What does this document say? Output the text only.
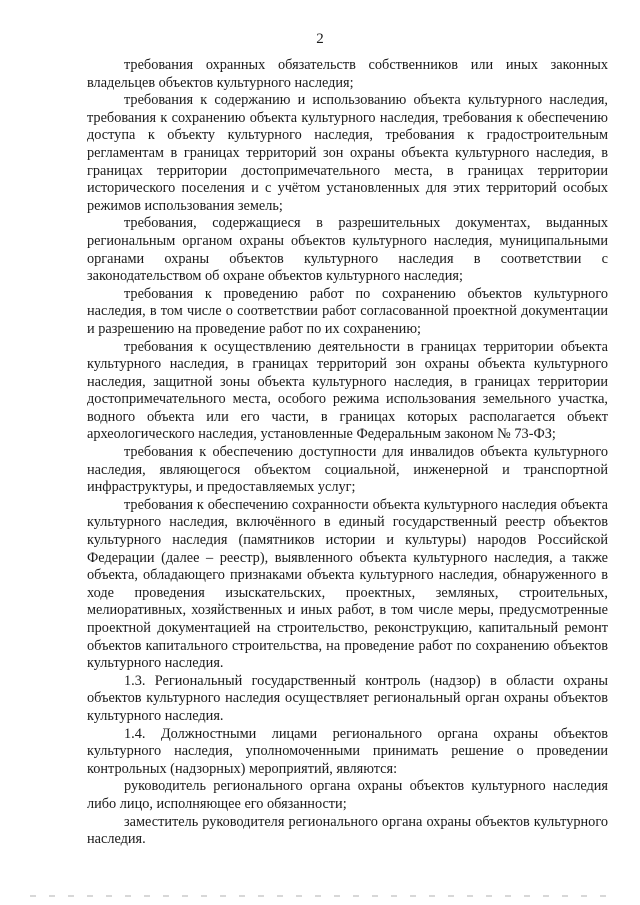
2

требования охранных обязательств собственников или иных законных владельцев объектов культурного наследия;

требования к содержанию и использованию объекта культурного наследия, требования к сохранению объекта культурного наследия, требования к обеспечению доступа к объекту культурного наследия, требования к градостроительным регламентам в границах территорий зон охраны объекта культурного наследия, в границах территории достопримечательного места, в границах территории исторического поселения и с учётом установленных для этих территорий особых режимов использования земель;

требования, содержащиеся в разрешительных документах, выданных региональным органом охраны объектов культурного наследия, муниципальными органами охраны объектов культурного наследия в соответствии с законодательством об охране объектов культурного наследия;

требования к проведению работ по сохранению объектов культурного наследия, в том числе о соответствии работ согласованной проектной документации и разрешению на проведение работ по их сохранению;

требования к осуществлению деятельности в границах территории объекта культурного наследия, в границах территорий зон охраны объекта культурного наследия, защитной зоны объекта культурного наследия, в границах территории достопримечательного места, особого режима использования земельного участка, водного объекта или его части, в границах которых располагается объект археологического наследия, установленные Федеральным законом № 73-ФЗ;

требования к обеспечению доступности для инвалидов объекта культурного наследия, являющегося объектом социальной, инженерной и транспортной инфраструктуры, и предоставляемых услуг;

требования к обеспечению сохранности объекта культурного наследия объекта культурного наследия, включённого в единый государственный реестр объектов культурного наследия (памятников истории и культуры) народов Российской Федерации (далее – реестр), выявленного объекта культурного наследия, а также объекта, обладающего признаками объекта культурного наследия, обнаруженного в ходе проведения изыскательских, проектных, земляных, строительных, мелиоративных, хозяйственных и иных работ, в том числе меры, предусмотренные проектной документацией на строительство, реконструкцию, капитальный ремонт объектов капитального строительства, на проведение работ по сохранению объектов культурного наследия.

1.3. Региональный государственный контроль (надзор) в области охраны объектов культурного наследия осуществляет региональный орган охраны объектов культурного наследия.

1.4. Должностными лицами регионального органа охраны объектов культурного наследия, уполномоченными принимать решение о проведении контрольных (надзорных) мероприятий, являются:

руководитель регионального органа охраны объектов культурного наследия либо лицо, исполняющее его обязанности;

заместитель руководителя регионального органа охраны объектов культурного наследия.
